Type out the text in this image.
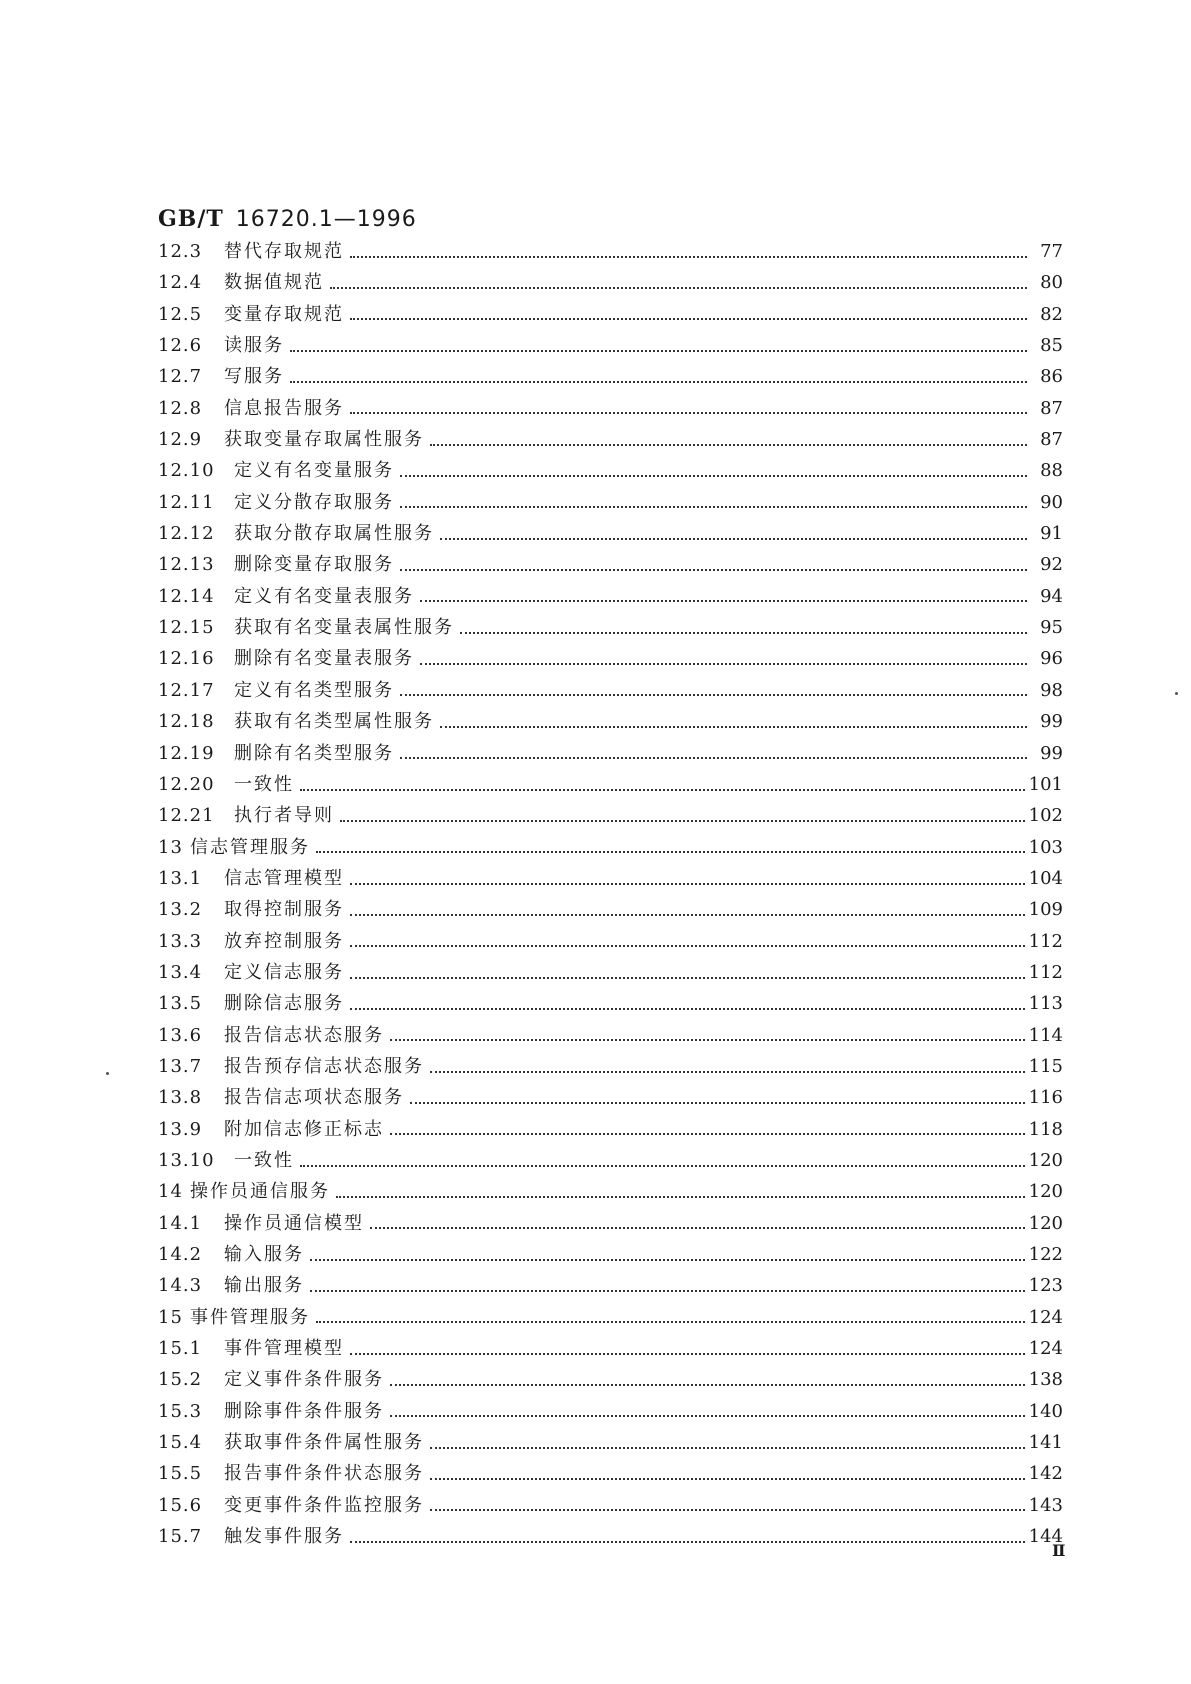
GB/T 16720.1—1996
12.3	替代存取规范	77
12.4	数据值规范	80
12.5	变量存取规范	82
12.6	读服务	85
12.7	写服务	86
12.8	信息报告服务	87
12.9	获取变量存取属性服务	87
12.10	定义有名变量服务	88
12.11	定义分散存取服务	90
12.12	获取分散存取属性服务	91
12.13	删除变量存取服务	92
12.14	定义有名变量表服务	94
12.15	获取有名变量表属性服务	95
12.16	删除有名变量表服务	96
12.17	定义有名类型服务	98
12.18	获取有名类型属性服务	99
12.19	删除有名类型服务	99
12.20	一致性	101
12.21	执行者导则	102
13 信志管理服务	103
13.1	信志管理模型	104
13.2	取得控制服务	109
13.3	放弃控制服务	112
13.4	定义信志服务	112
13.5	删除信志服务	113
13.6	报告信志状态服务	114
13.7	报告预存信志状态服务	115
13.8	报告信志项状态服务	116
13.9	附加信志修正标志	118
13.10	一致性	120
14 操作员通信服务	120
14.1	操作员通信模型	120
14.2	输入服务	122
14.3	输出服务	123
15 事件管理服务	124
15.1	事件管理模型	124
15.2	定义事件条件服务	138
15.3	删除事件条件服务	140
15.4	获取事件条件属性服务	141
15.5	报告事件条件状态服务	142
15.6	变更事件条件监控服务	143
15.7	触发事件服务	144
Ⅱ
